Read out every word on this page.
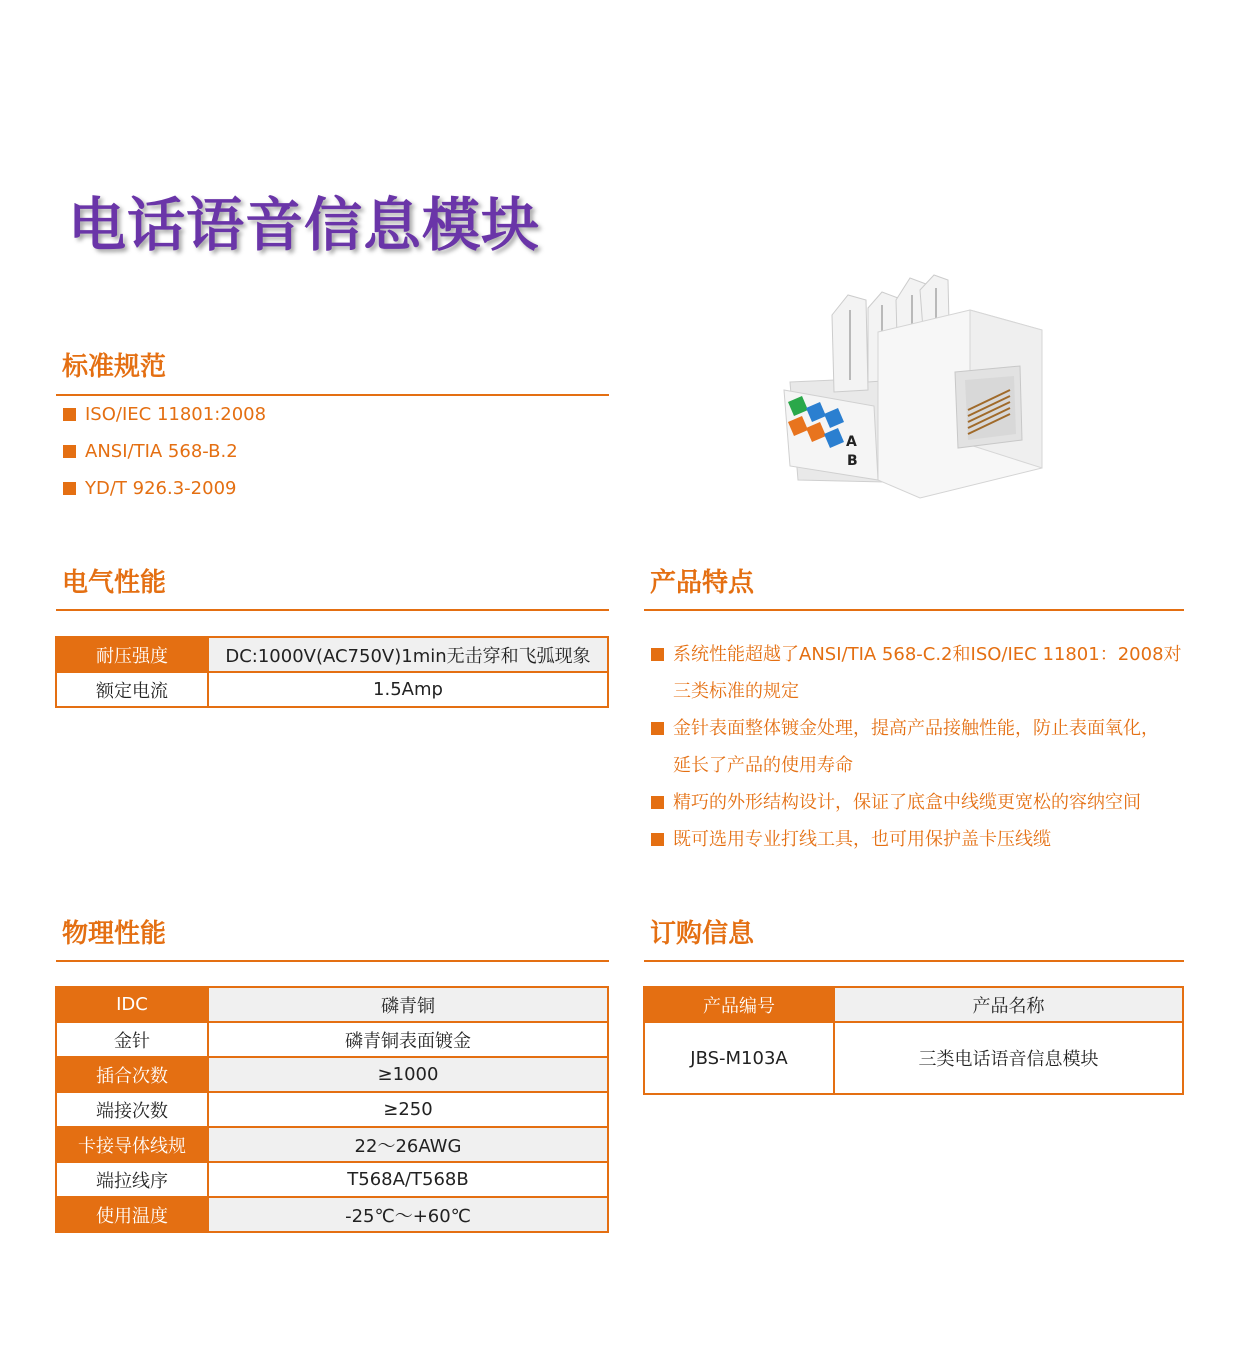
电话语音信息模块
A
B
标准规范
ISO/IEC 11801:2008
ANSI/TIA 568-B.2
YD/T 926.3-2009
电气性能
耐压强度	DC:1000V(AC750V)1min无击穿和飞弧现象
额定电流	1.5Amp
产品特点
系统性能超越了ANSI/TIA 568-C.2和ISO/IEC 11801：2008对
三类标准的规定
金针表面整体镀金处理，提高产品接触性能，防止表面氧化，
延长了产品的使用寿命
精巧的外形结构设计，保证了底盒中线缆更宽松的容纳空间
既可选用专业打线工具，也可用保护盖卡压线缆
物理性能
IDC	磷青铜
金针	磷青铜表面镀金
插合次数	≥1000
端接次数	≥250
卡接导体线规	22～26AWG
端拉线序	T568A/T568B
使用温度	-25℃～+60℃
订购信息
产品编号	产品名称
JBS-M103A	三类电话语音信息模块
